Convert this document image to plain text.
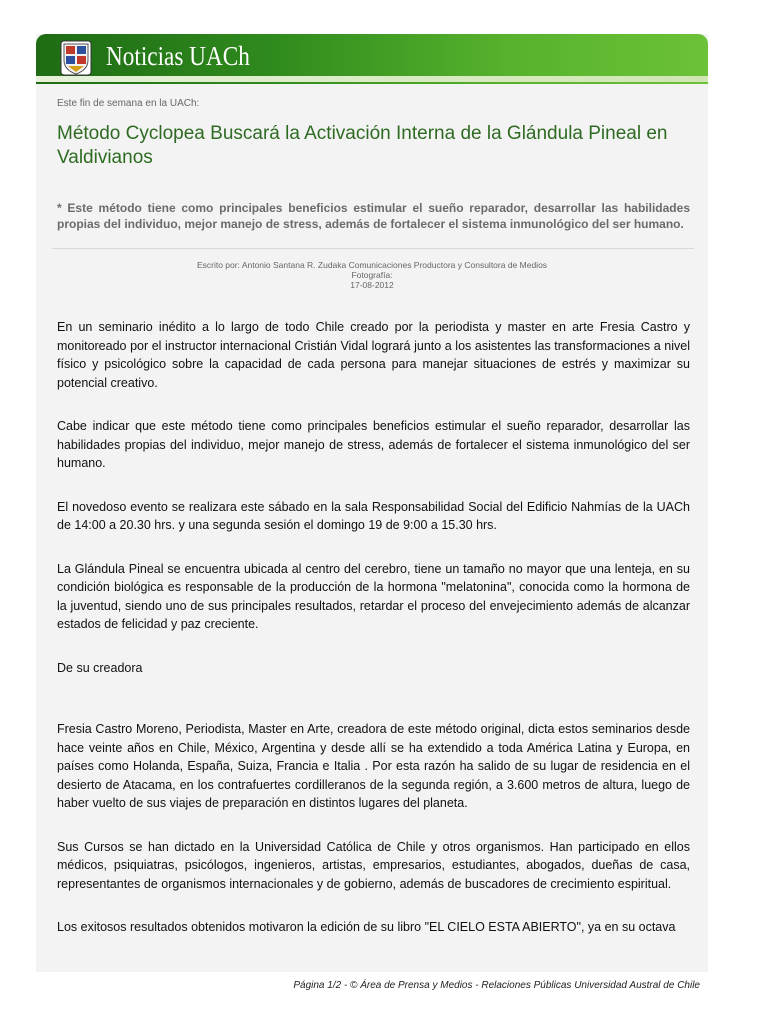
Noticias UACh
Este fin de semana en la UACh:
Método Cyclopea Buscará la Activación Interna de la Glándula Pineal en Valdivianos

* Este método tiene como principales beneficios estimular el sueño reparador, desarrollar las habilidades propias del individuo, mejor manejo de stress, además de fortalecer el sistema inmunológico del ser humano.

Escrito por: Antonio Santana R. Zudaka Comunicaciones Productora y Consultora de Medios
Fotografía:
17-08-2012

En un seminario inédito a lo largo de todo Chile creado por la periodista y master en arte Fresia Castro y monitoreado por el instructor internacional Cristián Vidal logrará junto a los asistentes las transformaciones a nivel físico y psicológico sobre la capacidad de cada persona para manejar situaciones de estrés y maximizar su potencial creativo.

Cabe indicar que este método tiene como principales beneficios estimular el sueño reparador, desarrollar las habilidades propias del individuo, mejor manejo de stress, además de fortalecer el sistema inmunológico del ser humano.

El novedoso evento se realizara este sábado en la sala Responsabilidad Social del Edificio Nahmías de la UACh de 14:00 a 20.30 hrs. y una segunda sesión el domingo 19 de 9:00 a 15.30 hrs.

La Glándula Pineal se encuentra ubicada al centro del cerebro, tiene un tamaño no mayor que una lenteja, en su condición biológica es responsable de la producción de la hormona "melatonina", conocida como la hormona de la juventud, siendo uno de sus principales resultados, retardar el proceso del envejecimiento además de alcanzar estados de felicidad y paz creciente.

De su creadora

Fresia Castro Moreno, Periodista, Master en Arte, creadora de este método original, dicta estos seminarios desde hace veinte años en Chile, México, Argentina y desde allí se ha extendido a toda América Latina y Europa, en países como Holanda, España, Suiza, Francia e Italia . Por esta razón ha salido de su lugar de residencia en el desierto de Atacama, en los contrafuertes cordilleranos de la segunda región, a 3.600 metros de altura, luego de haber vuelto de sus viajes de preparación en distintos lugares del planeta.

Sus Cursos se han dictado en la Universidad Católica de Chile y otros organismos. Han participado en ellos médicos, psiquiatras, psicólogos, ingenieros, artistas, empresarios, estudiantes, abogados, dueñas de casa, representantes de organismos internacionales y de gobierno, además de buscadores de crecimiento espiritual.

Los exitosos resultados obtenidos motivaron la edición de su libro "EL CIELO ESTA ABIERTO", ya en su octava

Página 1/2 - © Área de Prensa y Medios - Relaciones Públicas Universidad Austral de Chile
